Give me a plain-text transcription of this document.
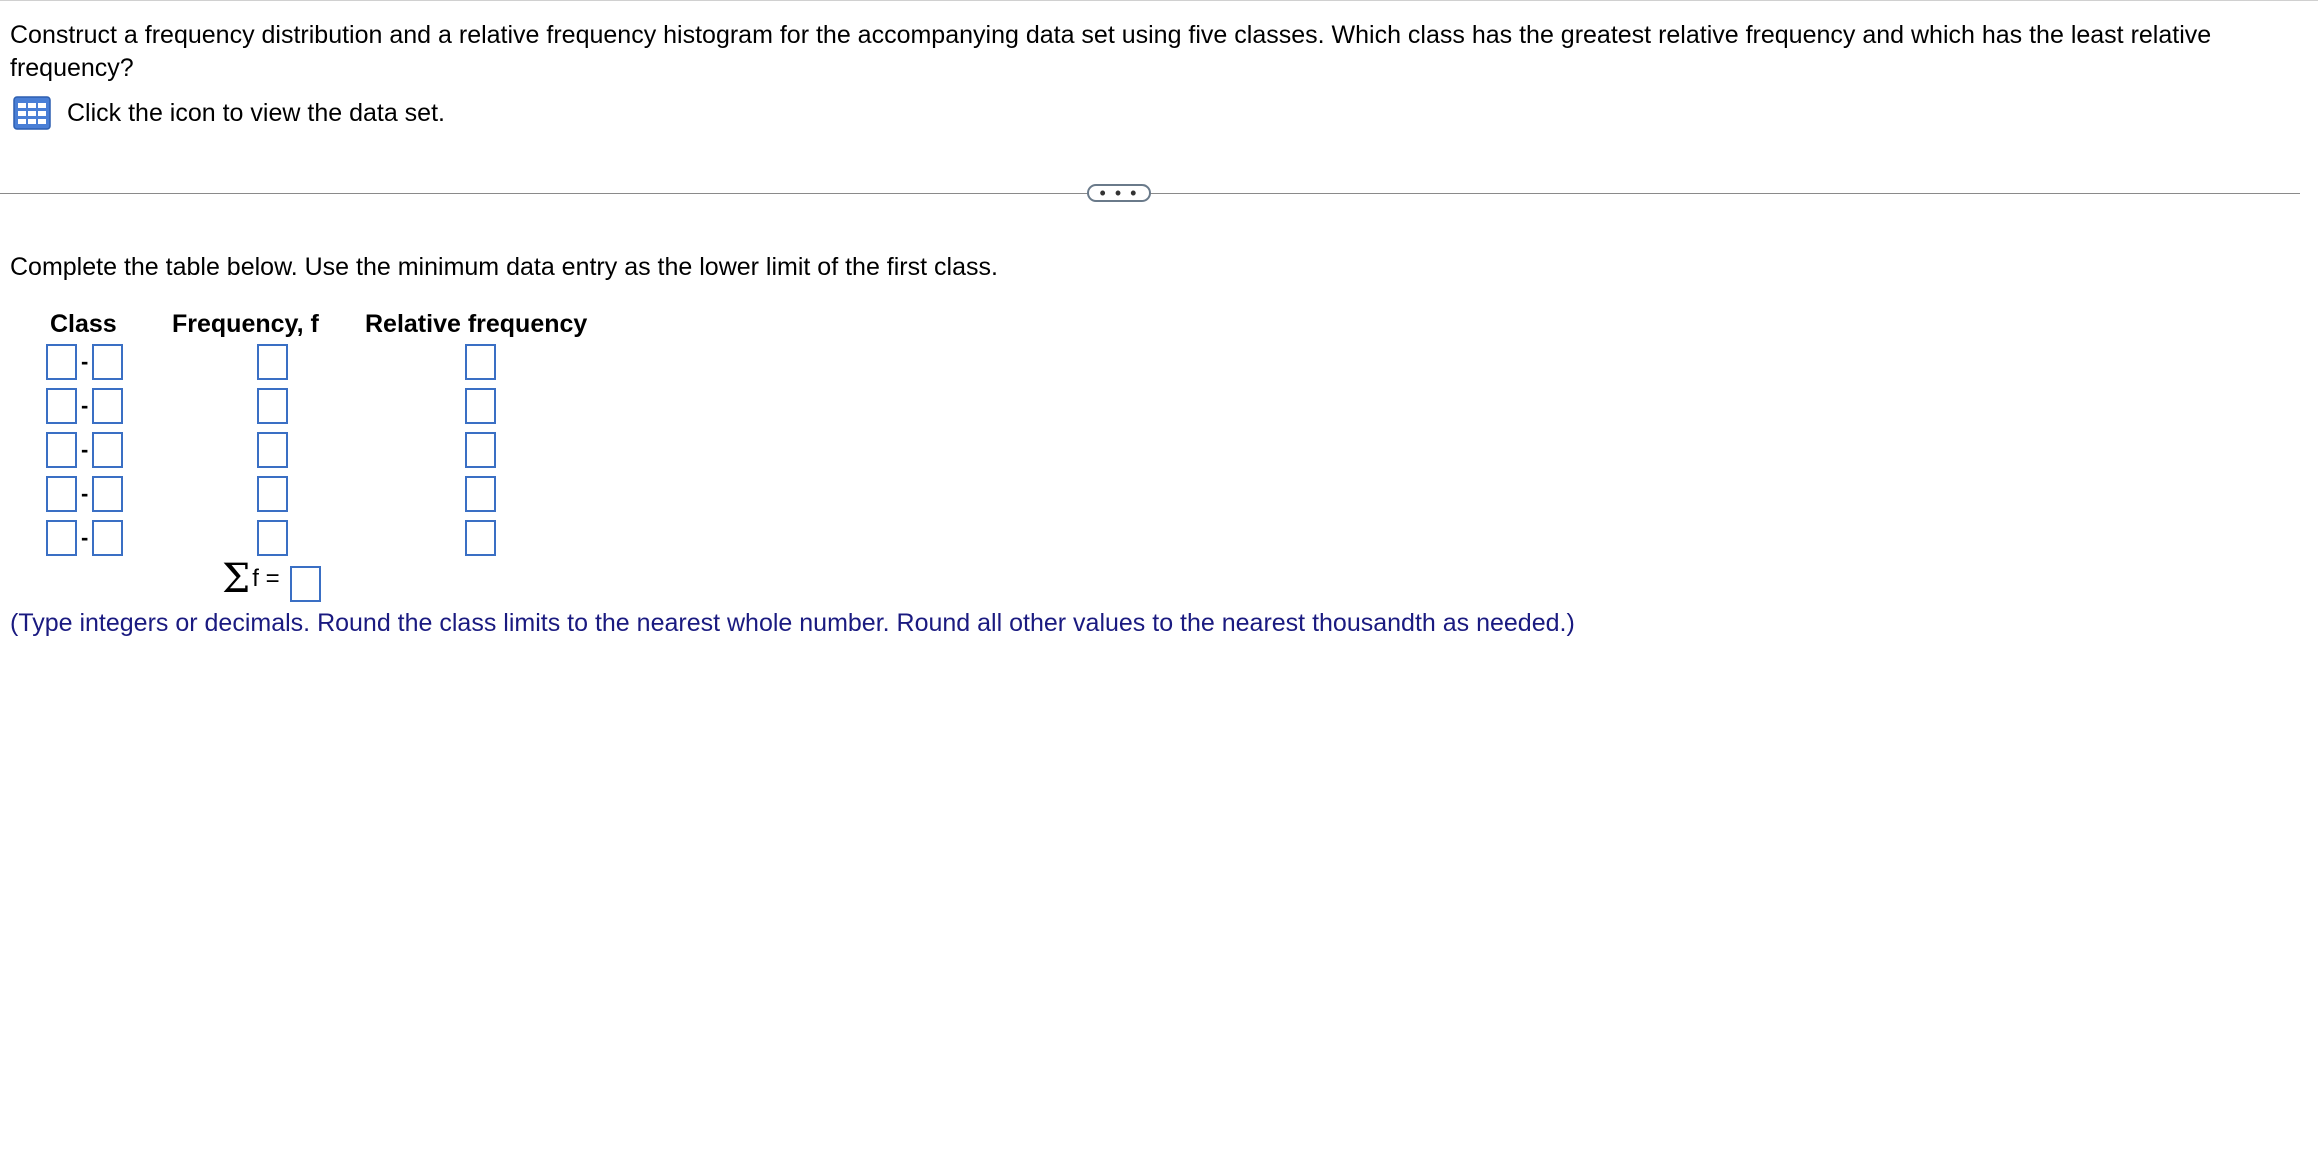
Construct a frequency distribution and a relative frequency histogram for the accompanying data set using five classes. Which class has the greatest relative frequency and which has the least relative frequency?
Click the icon to view the data set.
• • •
Complete the table below. Use the minimum data entry as the lower limit of the first class.
Class Frequency, f Relative frequency
-
-
-
-
-
Σ f =
(Type integers or decimals. Round the class limits to the nearest whole number. Round all other values to the nearest thousandth as needed.)
